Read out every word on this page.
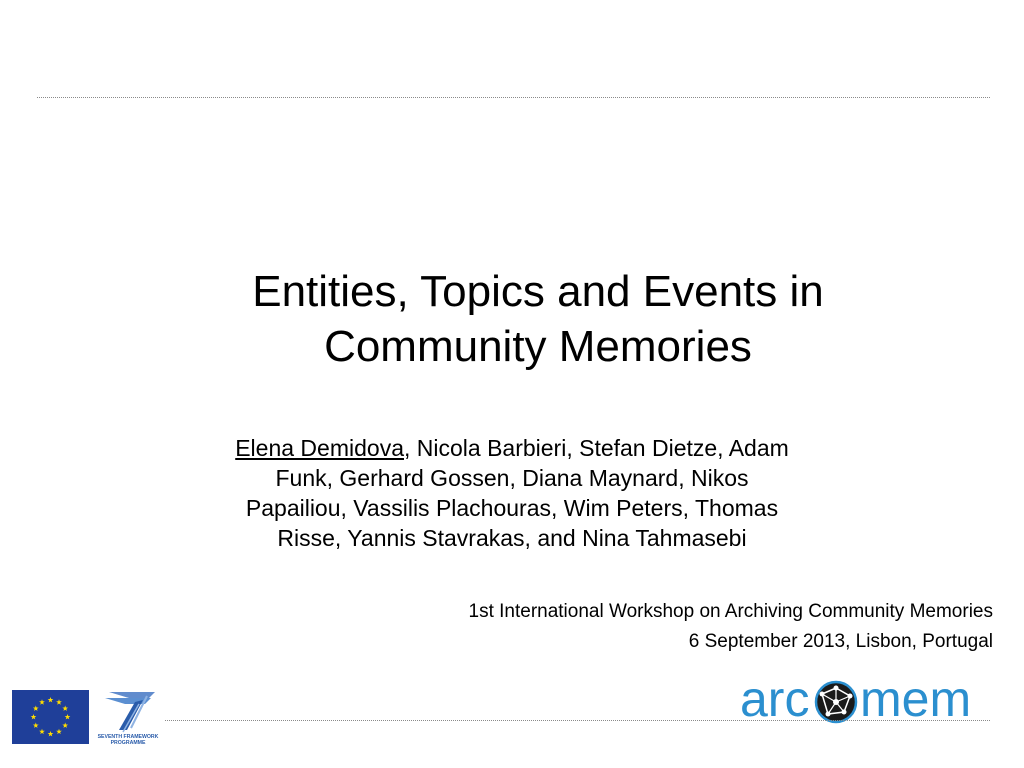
Entities, Topics and Events in
Community Memories
Elena Demidova, Nicola Barbieri, Stefan Dietze, Adam
Funk, Gerhard Gossen, Diana Maynard, Nikos
Papailiou, Vassilis Plachouras, Wim Peters, Thomas
Risse, Yannis Stavrakas, and Nina Tahmasebi
1st International Workshop on Archiving Community Memories
6 September 2013, Lisbon, Portugal
SEVENTH FRAMEWORK
PROGRAMME
arc mem
